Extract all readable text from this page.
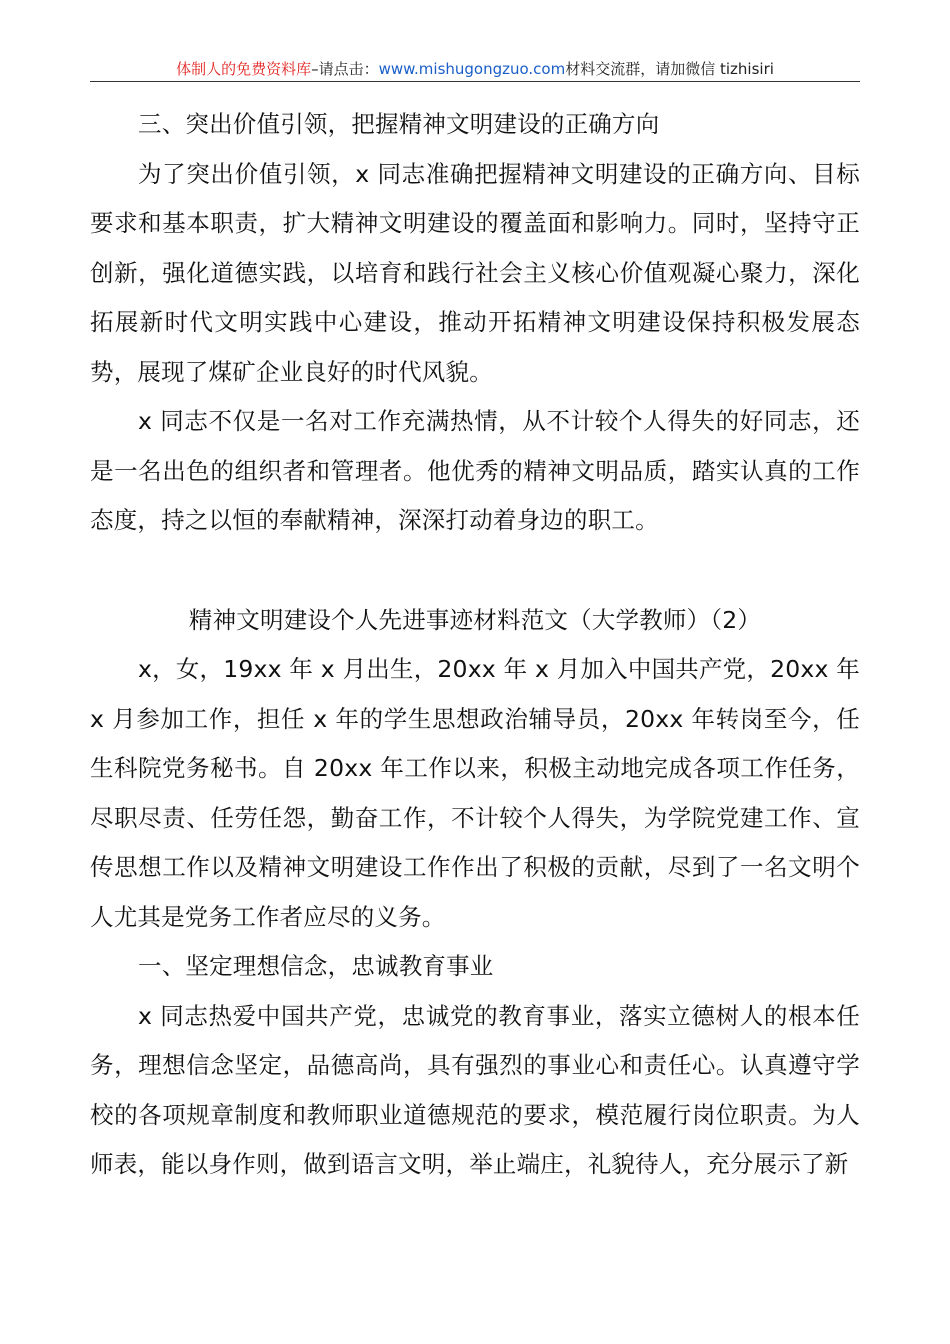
体制人的免费资料库–请点击：www.mishugongzuo.com材料交流群，请加微信 tizhisiri

三、突出价值引领，把握精神文明建设的正确方向

为了突出价值引领，x 同志准确把握精神文明建设的正确方向、目标要求和基本职责，扩大精神文明建设的覆盖面和影响力。同时，坚持守正创新，强化道德实践，以培育和践行社会主义核心价值观凝心聚力，深化拓展新时代文明实践中心建设，推动开拓精神文明建设保持积极发展态势，展现了煤矿企业良好的时代风貌。

x 同志不仅是一名对工作充满热情，从不计较个人得失的好同志，还是一名出色的组织者和管理者。他优秀的精神文明品质，踏实认真的工作态度，持之以恒的奉献精神，深深打动着身边的职工。

精神文明建设个人先进事迹材料范文（大学教师）（2）

x，女，19xx 年 x 月出生，20xx 年 x 月加入中国共产党，20xx 年 x 月参加工作，担任 x 年的学生思想政治辅导员，20xx 年转岗至今，任生科院党务秘书。自 20xx 年工作以来，积极主动地完成各项工作任务，尽职尽责、任劳任怨，勤奋工作，不计较个人得失，为学院党建工作、宣传思想工作以及精神文明建设工作作出了积极的贡献，尽到了一名文明个人尤其是党务工作者应尽的义务。

一、坚定理想信念，忠诚教育事业

x 同志热爱中国共产党，忠诚党的教育事业，落实立德树人的根本任务，理想信念坚定，品德高尚，具有强烈的事业心和责任心。认真遵守学校的各项规章制度和教师职业道德规范的要求，模范履行岗位职责。为人师表，能以身作则，做到语言文明，举止端庄，礼貌待人，充分展示了新
